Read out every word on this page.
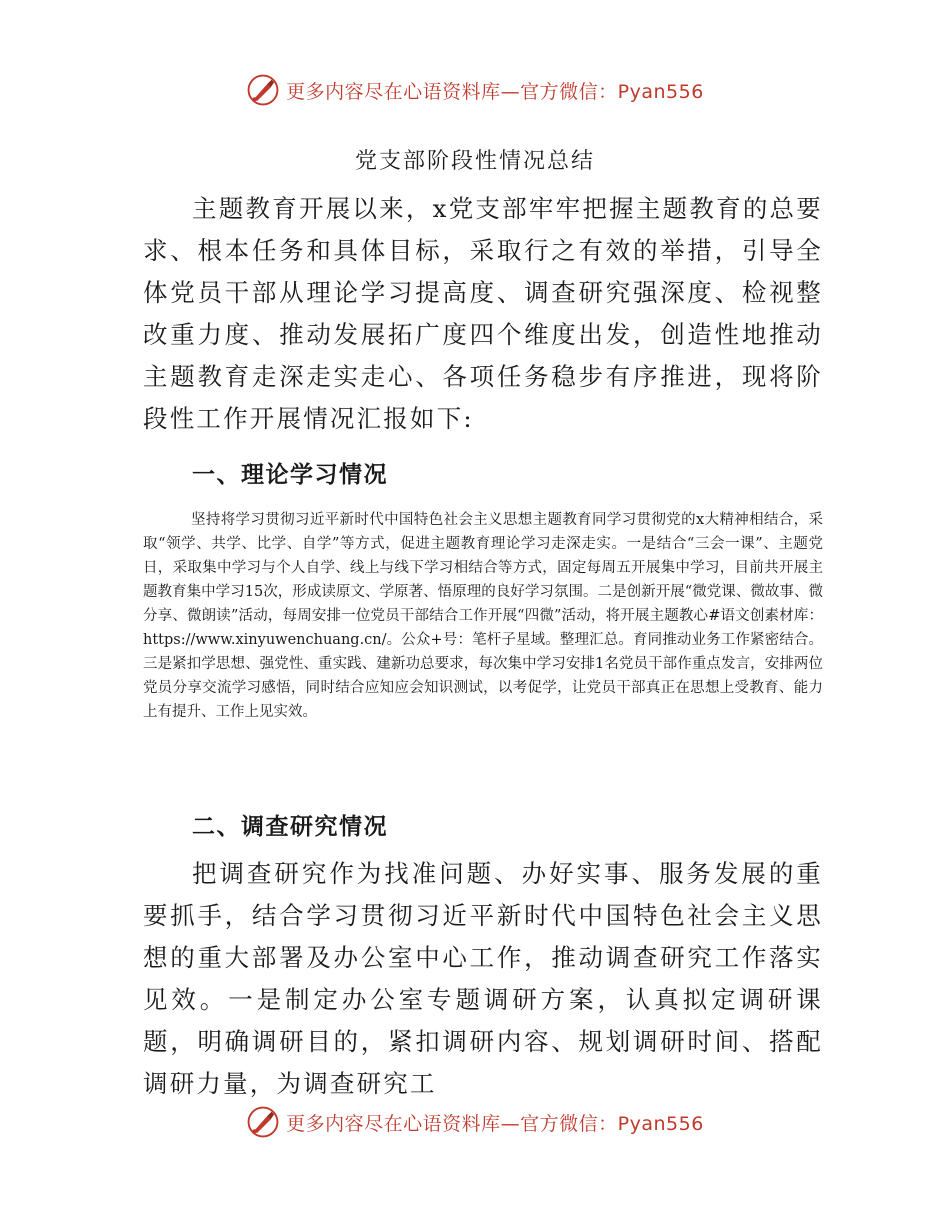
更多内容尽在心语资料库—官方微信：Pyan556
党支部阶段性情况总结

主题教育开展以来，x党支部牢牢把握主题教育的总要求、根本任务和具体目标，采取行之有效的举措，引导全体党员干部从理论学习提高度、调查研究强深度、检视整改重力度、推动发展拓广度四个维度出发，创造性地推动主题教育走深走实走心、各项任务稳步有序推进，现将阶段性工作开展情况汇报如下:

一、理论学习情况

坚持将学习贯彻习近平新时代中国特色社会主义思想主题教育同学习贯彻党的x大精神相结合，采取“领学、共学、比学、自学”等方式，促进主题教育理论学习走深走实。一是结合“三会一课”、主题党日，采取集中学习与个人自学、线上与线下学习相结合等方式，固定每周五开展集中学习，目前共开展主题教育集中学习15次，形成读原文、学原著、悟原理的良好学习氛围。二是创新开展“微党课、微故事、微分享、微朗读”活动，每周安排一位党员干部结合工作开展“四微”活动，将开展主题教心#语文创素材库：https://www.xinyuwenchuang.cn/。公众+号：笔杆子星域。整理汇总。育同推动业务工作紧密结合。三是紧扣学思想、强党性、重实践、建新功总要求，每次集中学习安排1名党员干部作重点发言，安排两位党员分享交流学习感悟，同时结合应知应会知识测试，以考促学，让党员干部真正在思想上受教育、能力上有提升、工作上见实效。

二、调查研究情况

把调查研究作为找准问题、办好实事、服务发展的重要抓手，结合学习贯彻习近平新时代中国特色社会主义思想的重大部署及办公室中心工作，推动调查研究工作落实见效。一是制定办公室专题调研方案，认真拟定调研课题，明确调研目的，紧扣调研内容、规划调研时间、搭配调研力量，为调查研究工

更多内容尽在心语资料库—官方微信：Pyan556
